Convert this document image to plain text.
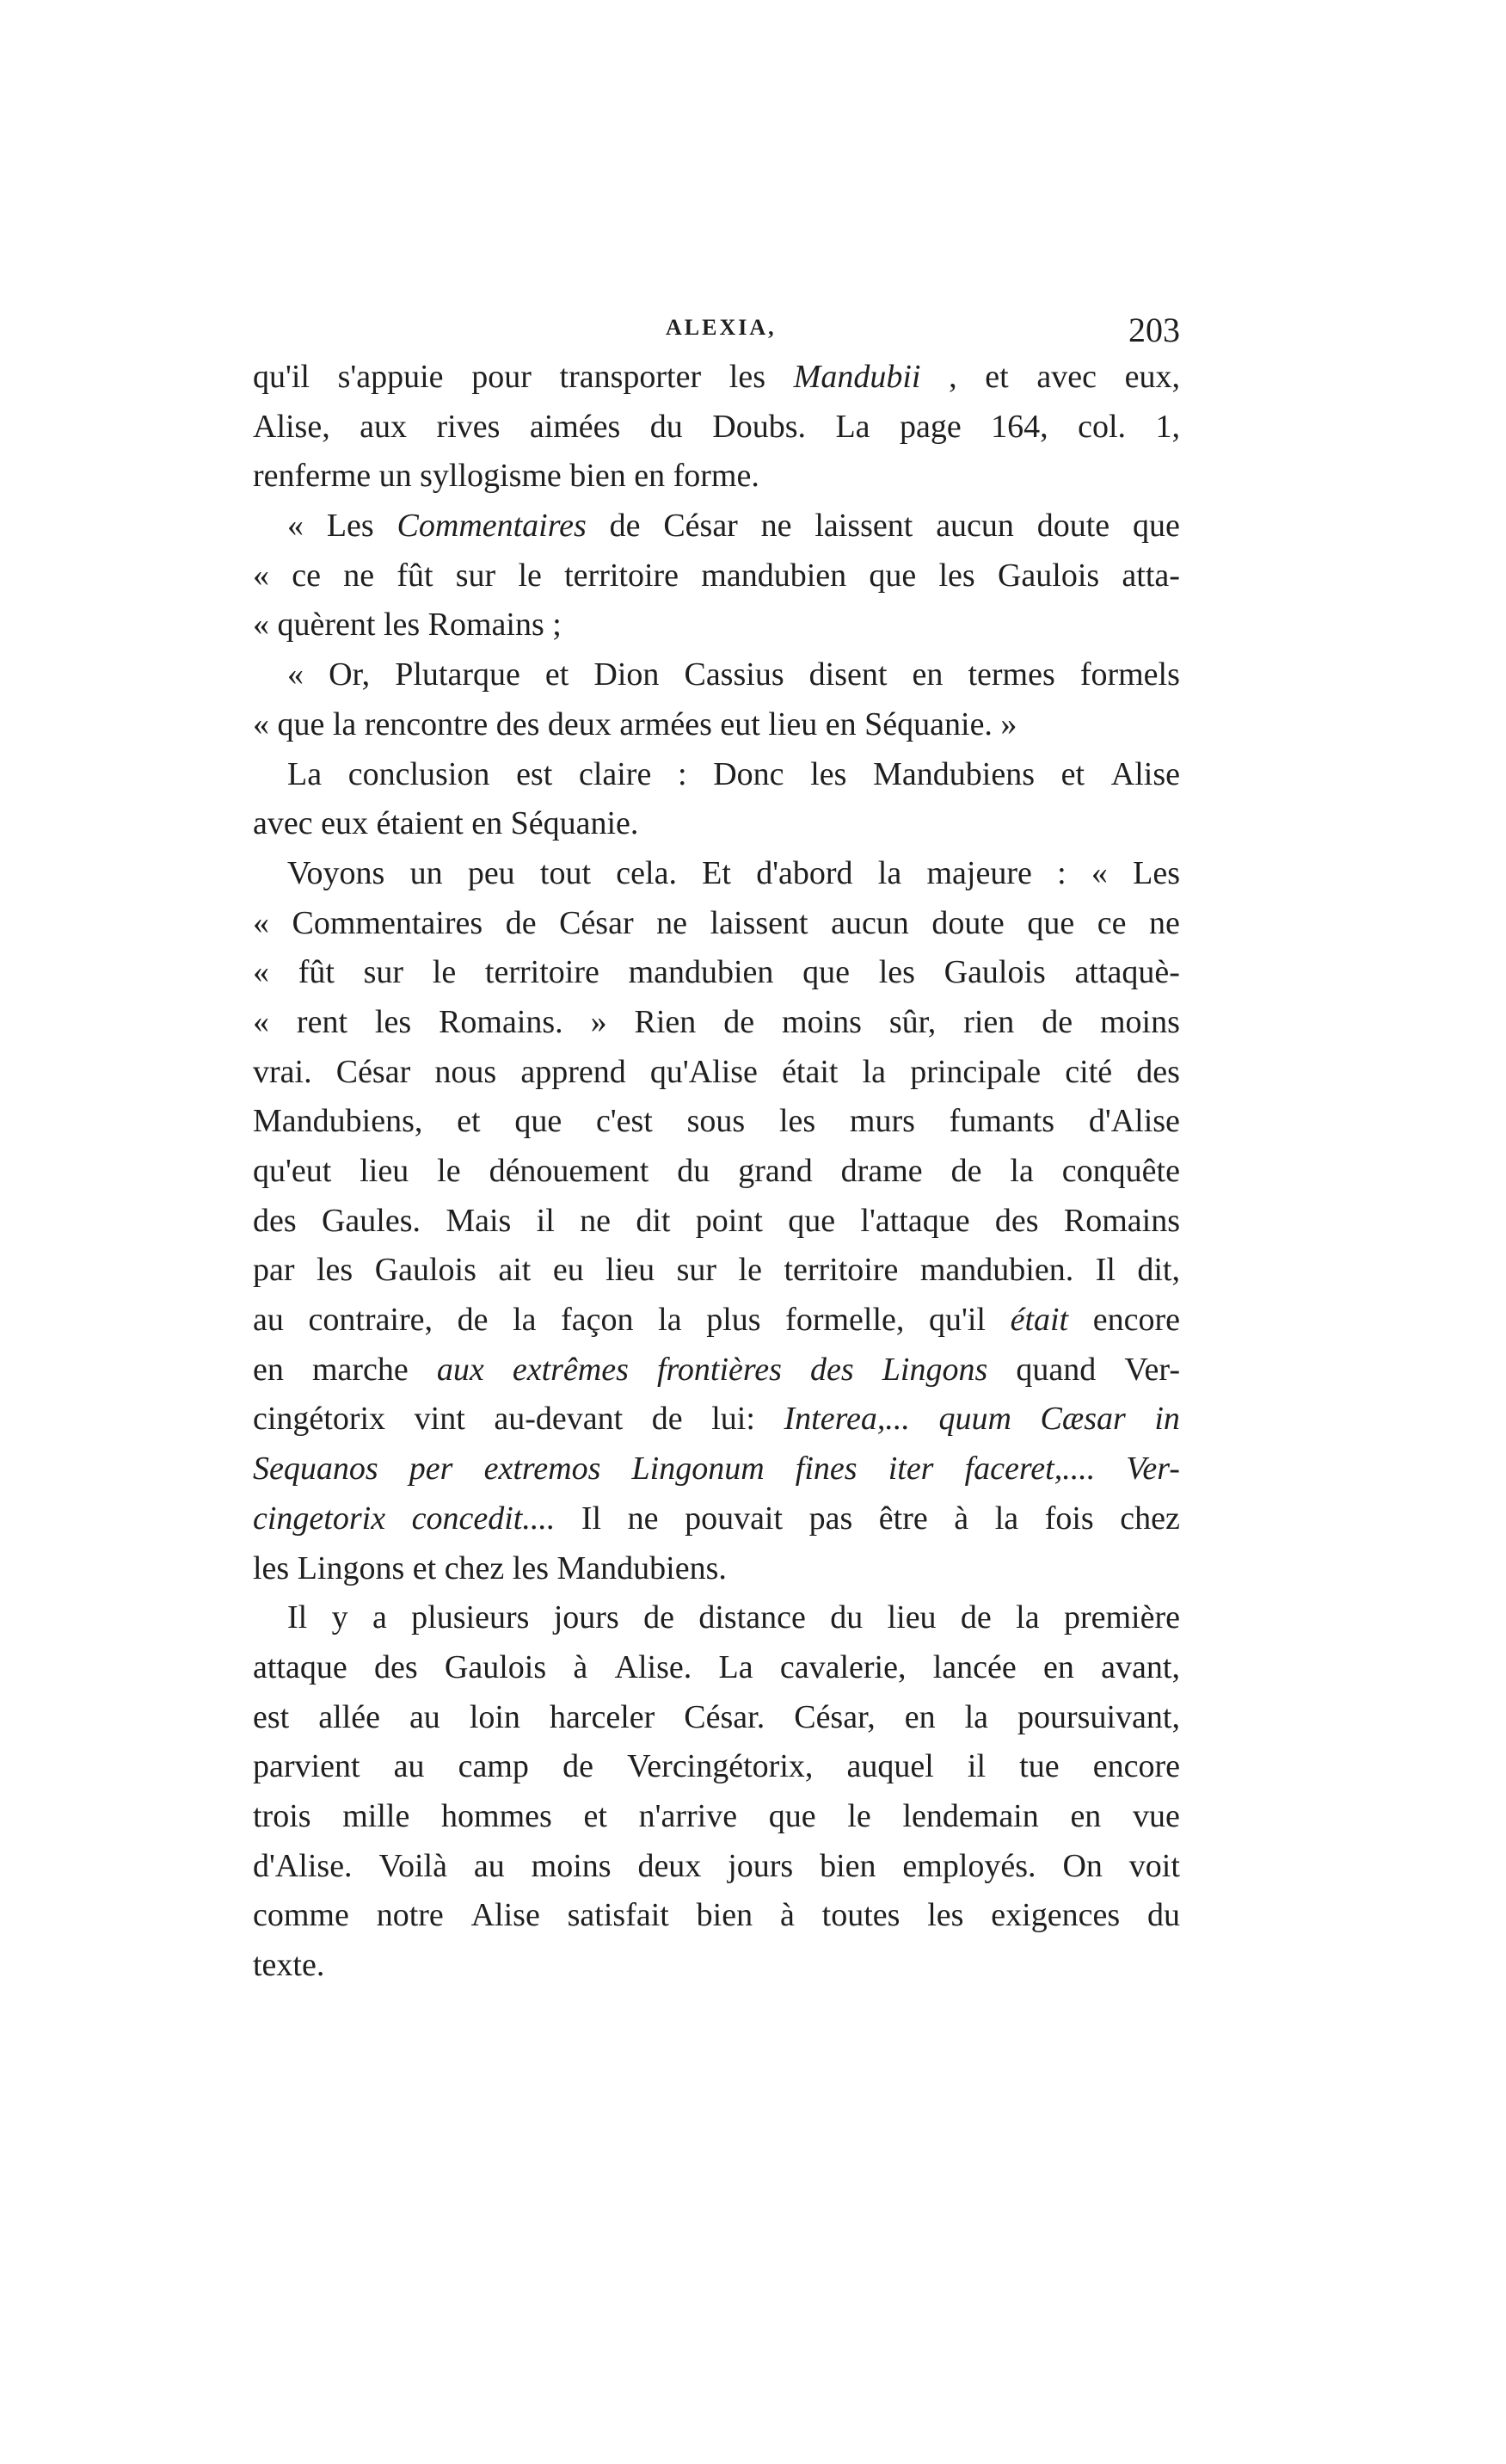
ALEXIA,	203
qu'il s'appuie pour transporter les Mandubii , et avec eux,
Alise, aux rives aimées du Doubs. La page 164, col. 1,
renferme un syllogisme bien en forme.
« Les Commentaires de César ne laissent aucun doute que
« ce ne fût sur le territoire mandubien que les Gaulois atta-
« quèrent les Romains ;
« Or, Plutarque et Dion Cassius disent en termes formels
« que la rencontre des deux armées eut lieu en Séquanie. »
La conclusion est claire : Donc les Mandubiens et Alise
avec eux étaient en Séquanie.
Voyons un peu tout cela. Et d'abord la majeure : « Les
« Commentaires de César ne laissent aucun doute que ce ne
« fût sur le territoire mandubien que les Gaulois attaquè-
« rent les Romains. » Rien de moins sûr, rien de moins
vrai. César nous apprend qu'Alise était la principale cité des
Mandubiens, et que c'est sous les murs fumants d'Alise
qu'eut lieu le dénouement du grand drame de la conquête
des Gaules. Mais il ne dit point que l'attaque des Romains
par les Gaulois ait eu lieu sur le territoire mandubien. Il dit,
au contraire, de la façon la plus formelle, qu'il était encore
en marche aux extrêmes frontières des Lingons quand Ver-
cingétorix vint au-devant de lui: Interea,... quum Cæsar in
Sequanos per extremos Lingonum fines iter faceret,.... Ver-
cingetorix concedit.... Il ne pouvait pas être à la fois chez
les Lingons et chez les Mandubiens.
Il y a plusieurs jours de distance du lieu de la première
attaque des Gaulois à Alise. La cavalerie, lancée en avant,
est allée au loin harceler César. César, en la poursuivant,
parvient au camp de Vercingétorix, auquel il tue encore
trois mille hommes et n'arrive que le lendemain en vue
d'Alise. Voilà au moins deux jours bien employés. On voit
comme notre Alise satisfait bien à toutes les exigences du
texte.
